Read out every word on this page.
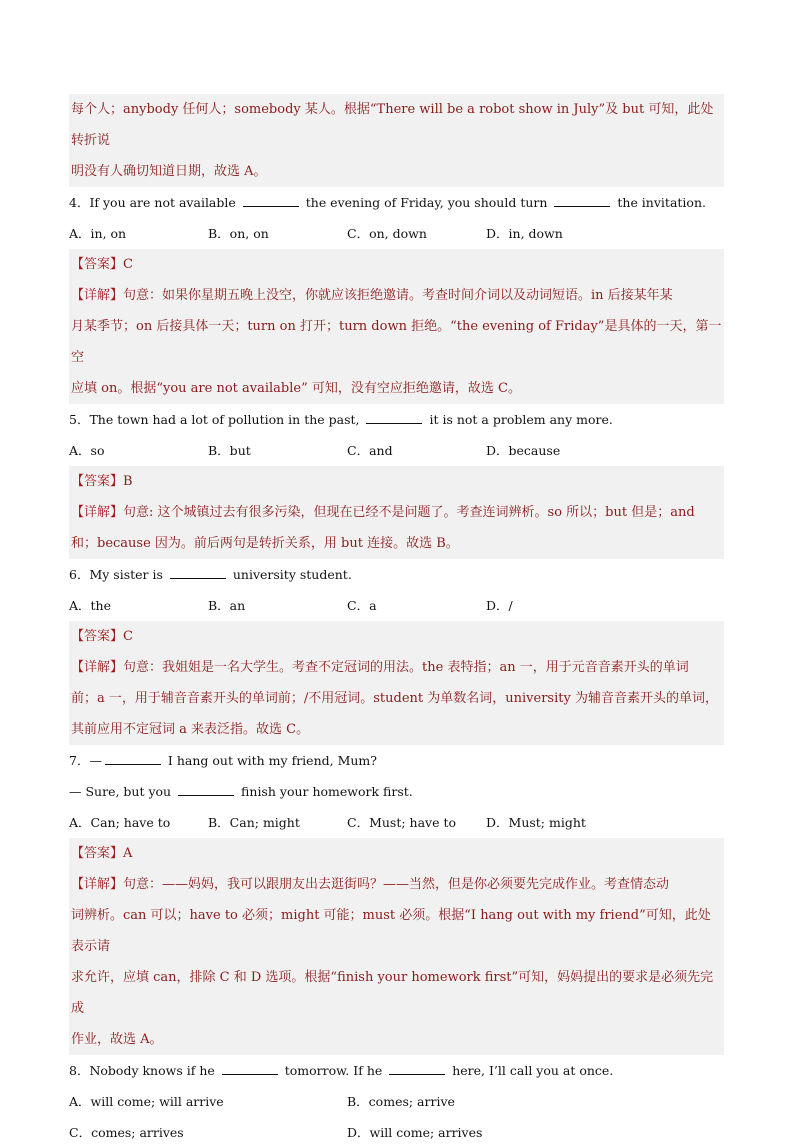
每个人；anybody 任何人；somebody 某人。根据“There will be a robot show in July”及 but 可知，此处转折说

明没有人确切知道日期，故选 A。

4．If you are not available	the evening of Friday, you should turn	the invitation.
A．in, on	B．on, on	C．on, down	D．in, down

【答案】C

【详解】句意：如果你星期五晚上没空，你就应该拒绝邀请。考查时间介词以及动词短语。in 后接某年某

月某季节；on 后接具体一天；turn on 打开；turn down 拒绝。“the evening of Friday”是具体的一天，第一空

应填 on。根据“you are not available” 可知，没有空应拒绝邀请，故选 C。

5．The town had a lot of pollution in the past,	it is not a problem any more.
A．so	B．but	C．and	D．because

【答案】B

【详解】句意: 这个城镇过去有很多污染，但现在已经不是问题了。考查连词辨析。so 所以；but 但是；and

和；because 因为。前后两句是转折关系，用 but 连接。故选 B。

6．My sister is	university student.
A．the	B．an	C．a	D．/

【答案】C

【详解】句意：我姐姐是一名大学生。考查不定冠词的用法。the 表特指；an 一，用于元音音素开头的单词

前；a 一，用于辅音音素开头的单词前；/不用冠词。student 为单数名词，university 为辅音音素开头的单词，

其前应用不定冠词 a 来表泛指。故选 C。

7．—	I hang out with my friend, Mum?
— Sure, but you	finish your homework first.
A．Can; have to	B．Can; might	C．Must; have to	D．Must; might

【答案】A

【详解】句意：——妈妈，我可以跟朋友出去逛街吗？——当然，但是你必须要先完成作业。考查情态动

词辨析。can 可以；have to 必须；might 可能；must 必须。根据“I hang out with my friend”可知，此处表示请

求允许，应填 can，排除 C 和 D 选项。根据“finish your homework first”可知，妈妈提出的要求是必须先完成

作业，故选 A。

8．Nobody knows if he	tomorrow. If he	here, I’ll call you at once.
A．will come; will arrive	B．comes; arrive
C．comes; arrives	D．will come; arrives
